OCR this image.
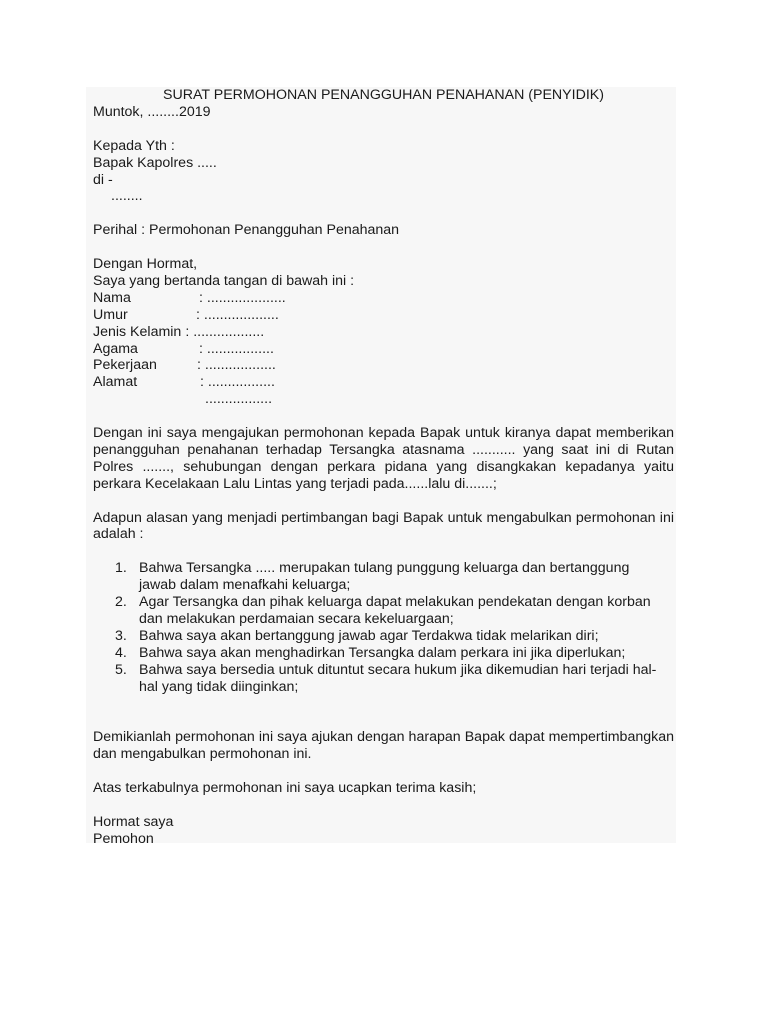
SURAT PERMOHONAN PENANGGUHAN PENAHANAN (PENYIDIK)

Muntok, ........2019

Kepada Yth :

Bapak Kapolres .....

di -

........

Perihal : Permohonan Penangguhan Penahanan

Dengan Hormat,

Saya yang bertanda tangan di bawah ini :

Nama	: ....................
Umur	: ...................
Jenis Kelamin : ..................
Agama	: .................
Pekerjaan	: ..................
Alamat	: .................

.................

Dengan ini saya mengajukan permohonan kepada Bapak untuk kiranya dapat memberikan penangguhan penahanan terhadap Tersangka atasnama ........... yang saat ini di Rutan Polres ......., sehubungan dengan perkara pidana yang disangkakan kepadanya yaitu perkara Kecelakaan Lalu Lintas yang terjadi pada......lalu di.......;

Adapun alasan yang menjadi pertimbangan bagi Bapak untuk mengabulkan permohonan ini adalah :

1. Bahwa Tersangka ..... merupakan tulang punggung keluarga dan bertanggung jawab dalam menafkahi keluarga;
2. Agar Tersangka dan pihak keluarga dapat melakukan pendekatan dengan korban dan melakukan perdamaian secara kekeluargaan;
3. Bahwa saya akan bertanggung jawab agar Terdakwa tidak melarikan diri;
4. Bahwa saya akan menghadirkan Tersangka dalam perkara ini jika diperlukan;
5. Bahwa saya bersedia untuk dituntut secara hukum jika dikemudian hari terjadi hal-hal yang tidak diinginkan;

Demikianlah permohonan ini saya ajukan dengan harapan Bapak dapat mempertimbangkan dan mengabulkan permohonan ini.

Atas terkabulnya permohonan ini saya ucapkan terima kasih;

Hormat saya

Pemohon
